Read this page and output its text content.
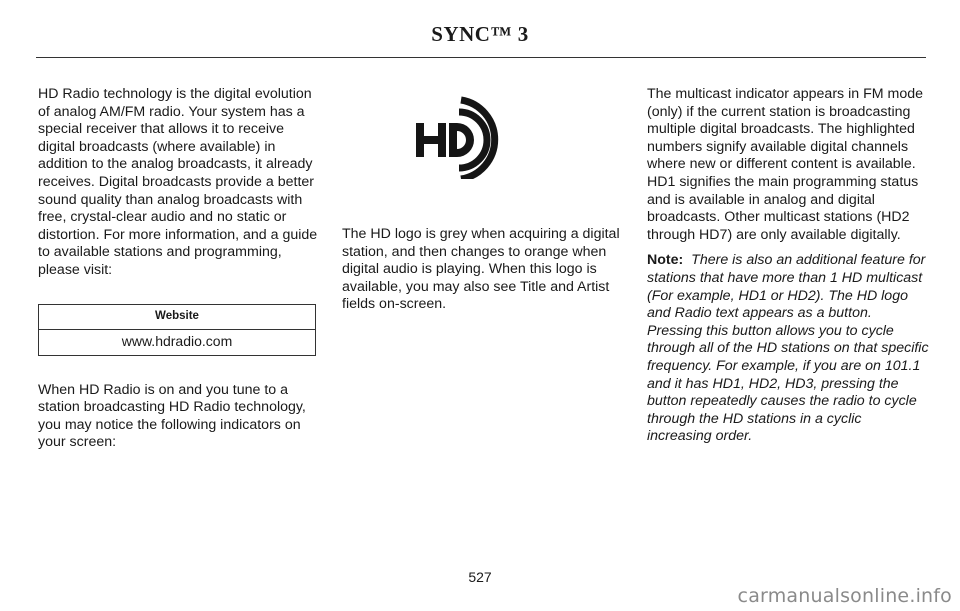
SYNC™ 3

HD Radio technology is the digital evolution of analog AM/FM radio. Your system has a special receiver that allows it to receive digital broadcasts (where available) in addition to the analog broadcasts, it already receives. Digital broadcasts provide a better sound quality than analog broadcasts with free, crystal-clear audio and no static or distortion. For more information, and a guide to available stations and programming, please visit:

Website
www.hdradio.com

When HD Radio is on and you tune to a station broadcasting HD Radio technology, you may notice the following indicators on your screen:

The HD logo is grey when acquiring a digital station, and then changes to orange when digital audio is playing. When this logo is available, you may also see Title and Artist fields on-screen.

The multicast indicator appears in FM mode (only) if the current station is broadcasting multiple digital broadcasts. The highlighted numbers signify available digital channels where new or different content is available. HD1 signifies the main programming status and is available in analog and digital broadcasts. Other multicast stations (HD2 through HD7) are only available digitally.

Note: There is also an additional feature for stations that have more than 1 HD multicast (For example, HD1 or HD2). The HD logo and Radio text appears as a button. Pressing this button allows you to cycle through all of the HD stations on that specific frequency. For example, if you are on 101.1 and it has HD1, HD2, HD3, pressing the button repeatedly causes the radio to cycle through the HD stations in a cyclic increasing order.

527
carmanualsonline.info
